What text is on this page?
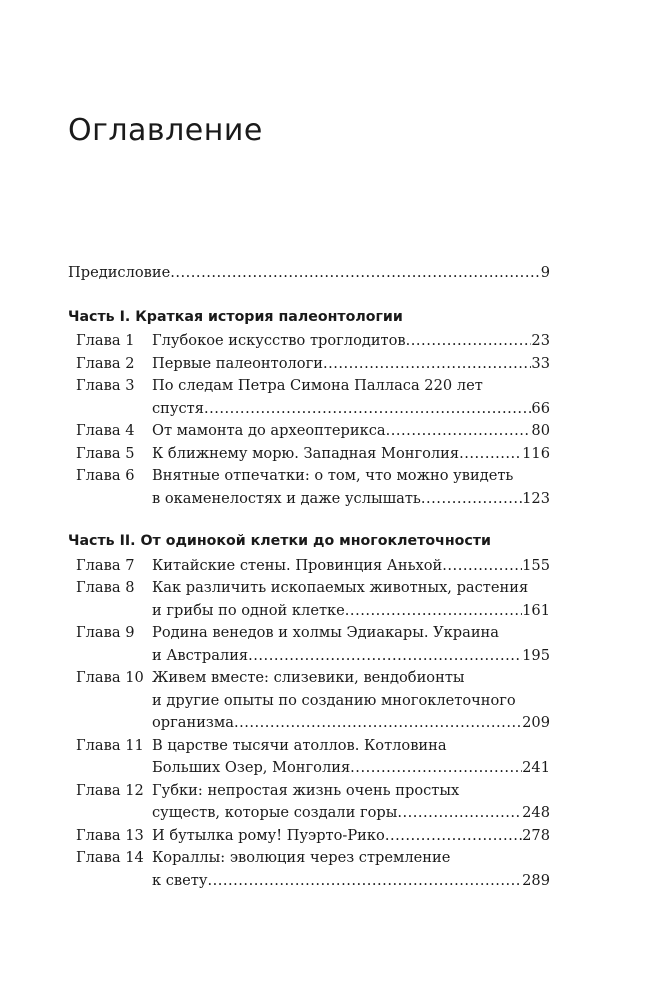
Оглавление
Предисловие .....	9
Часть I. Краткая история палеонтологии
Глава 1	Глубокое искусство троглодитов .....	23
Глава 2	Первые палеонтологи .....	33
Глава 3	По следам Петра Симона Палласа 220 лет
спустя .....	66
Глава 4	От мамонта до археоптерикса .....	80
Глава 5	К ближнему морю. Западная Монголия .....	116
Глава 6	Внятные отпечатки: о том, что можно увидеть
в окаменелостях и даже услышать .....	123
Часть II. От одинокой клетки до многоклеточности
Глава 7	Китайские стены. Провинция Аньхой .....	155
Глава 8	Как различить ископаемых животных, растения
и грибы по одной клетке .....	161
Глава 9	Родина венедов и холмы Эдиакары. Украина
и Австралия .....	195
Глава 10 Живем вместе: слизевики, вендобионты
и другие опыты по созданию многоклеточного
организма .....	209
Глава 11 В царстве тысячи атоллов. Котловина
Больших Озер, Монголия .....	241
Глава 12 Губки: непростая жизнь очень простых
существ, которые создали горы .....	248
Глава 13 И бутылка рому! Пуэрто-Рико .....	278
Глава 14 Кораллы: эволюция через стремление
к свету .....	289
